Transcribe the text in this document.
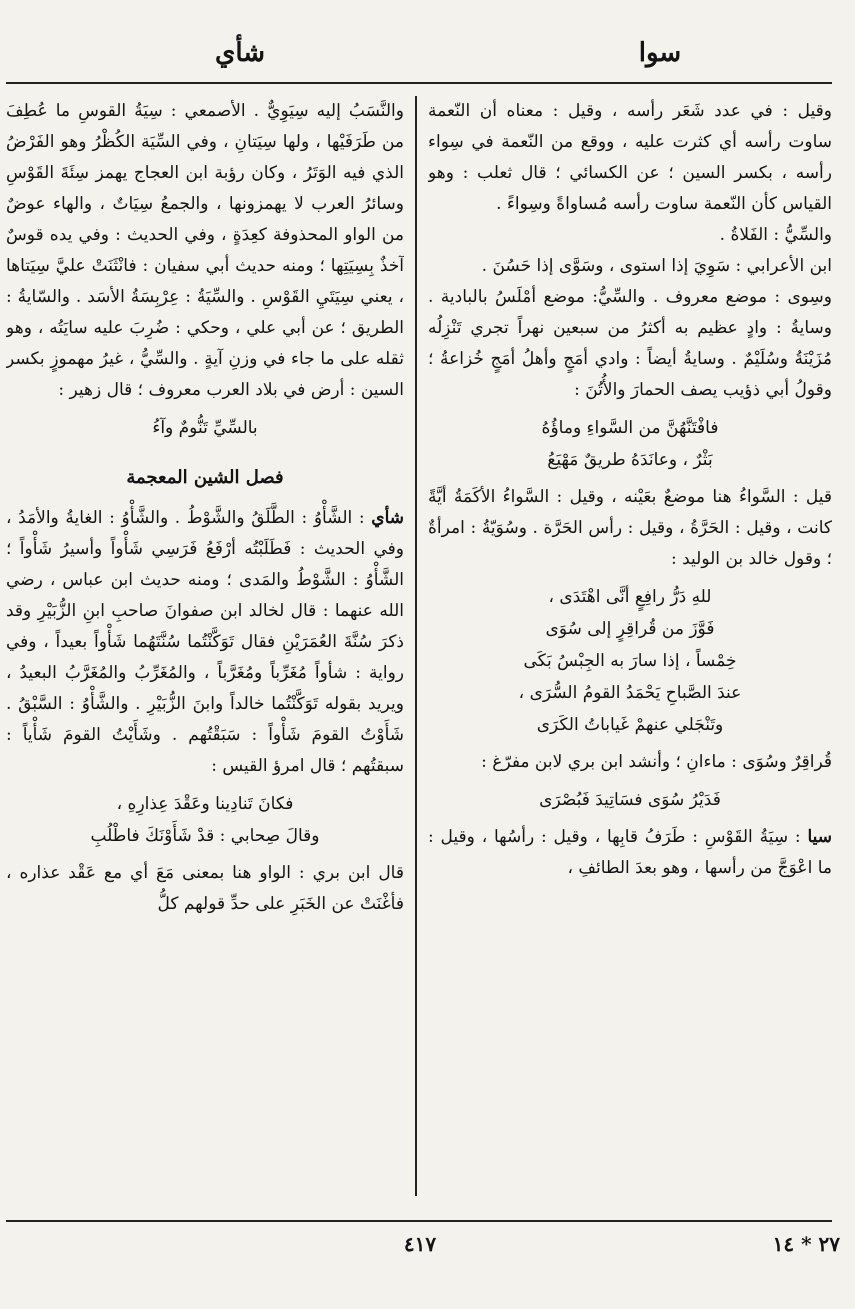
سوا
شأي

وقيل : في عدد شَعَر رأسه ، وقيل : معناه أن النّعمة ساوت رأسه أي كثرت عليه ، ووقع من النّعمة في سِواء رأسه ، بكسر السين ؛ عن الكسائي ؛ قال ثعلب : وهو القياس كأن النّعمة ساوت رأسه مُساواةً وسِواءً .

والسِّيُّ : الفَلاةُ .

ابن الأعرابي : سَوِيَ إذا استوى ، وسَوَّى إذا حَسُنَ .

وسِوى : موضع معروف . والسِّيُّ: موضع أمْلَسُ بالبادية . وسايةُ : وادٍ عظيم به أكثرُ من سبعين نهراً تجري تَنْزِلُه مُزَيْنَةُ وسُلَيْمٌ . وسايةُ أيضاً : وادي أمَجٍ وأهلُ أمَجٍ خُزاعةُ ؛ وقولُ أبي ذؤيب يصف الحمارَ والأُتُنَ :

فافْتَنَّهُنَّ من السَّواءِ وماؤُهُ
بَثْرٌ ، وعانَدَهُ طريقٌ مَهْيَعُ

قيل : السَّواءُ هنا موضعٌ بعَيْنه ، وقيل : السَّواءُ الأكَمَةُ أيَّةً كانت ، وقيل : الحَرَّةُ ، وقيل : رأس الحَرَّة . وسُوَيّةُ : امرأةٌ ؛ وقول خالد بن الوليد :

للهِ دَرُّ رافِعٍ أنَّى اهْتَدَى ،
فَوَّزَ من قُراقِرٍ إلى سُوَى
خِمْساً ، إذا سارَ به الجِبْسُ بَكَى
عندَ الصَّباحِ يَحْمَدُ القومُ السُّرَى ،
وتَنْجَلي عنهمْ غَياباتُ الكَرَى

قُراقِرٌ وسُوَى : ماءانِ ؛ وأنشد ابن بري لابن مفرّغ :

فَدَيْرُ سُوَى فسَاتِيدَ فَبُصْرَى

سيا : سِيَةُ القَوْسِ : طَرَفُ قابِها ، وقيل : رأسُها ، وقيل : ما اعْوَجَّ من رأسها ، وهو بعدَ الطائفِ ،

والنَّسَبُ إليه سِيَوِيٌّ . الأصمعي : سِيَةُ القوسِ ما عُطِفَ من طَرَفَيْها ، ولها سِيَتانِ ، وفي السِّيَة الكُظْرُ وهو الفَرْضُ الذي فيه الوَتَرُ ، وكان رؤبة ابن العجاج يهمز سِئَةَ القَوْسِ وسائرُ العرب لا يهمزونها ، والجمعُ سِيَاتٌ ، والهاء عوضٌ من الواو المحذوفة كعِدَةٍ ، وفي الحديث : وفي يده قوسٌ آخذٌ بِسِيَتِها ؛ ومنه حديث أبي سفيان : فانْثَنَتْ عليَّ سِيَتاها ، يعني سِيَتَيِ القَوْسِ . والسِّيَةُ : عِرْبِسَةُ الأسَد . والسّايةُ : الطريق ؛ عن أبي علي ، وحكي : ضُرِبَ عليه سايَتُه ، وهو ثقله على ما جاء في وزنِ آيةٍ . والسِّيُّ ، غيرُ مهموزٍ بكسر السين : أرض في بلاد العرب معروف ؛ قال زهير :

بالسِّيِّ تَنُّومٌ وآءُ
فصل الشين المعجمة

شأي : الشَّأْوُ : الطَّلَقُ والشَّوْطُ . والشَّأْوُ : الغايةُ والأمَدُ ، وفي الحديث : فَطَلَبْتُه أرْفَعُ فَرَسِي شَأْواً وأسيرُ شَأْواً ؛ الشَّأْوُ : الشَّوْطُ والمَدى ؛ ومنه حديث ابن عباس ، رضي الله عنهما : قال لخالد ابن صفوانَ صاحبِ ابنِ الزُّبَيْرِ وقد ذكرَ سُنَّةَ العُمَرَيْنِ فقال تَوَكَّنْتُما سُنَّتَهُما شَأْواً بعيداً ، وفي رواية : شأواً مُغَرِّباً ومُغَرَّباً ، والمُغَرِّبُ والمُغَرَّبُ البعيدُ ، ويريد بقوله تَوَكَّنْتُما خالداً وابنَ الزُّبَيْرِ . والشَّأْوُ : السَّبْقُ . شَأَوْتُ القومَ شَأْواً : سَبَقْتُهم . وشَأَيْتُ القومَ شَأْياً : سبقتُهم ؛ قال امرؤ القيس :

فكانَ تَنادِينا وعَقْدَ عِذارِهِ ،
وقالَ صِحابي : قدْ شَأَوْنَكَ فاطْلُبِ

قال ابن بري : الواو هنا بمعنى مَعَ أي مع عَقْد عذاره ، فأغْنَتْ عن الخَبَرِ على حدِّ قولهم كلُّ

٤١٧	٢٧ * ١٤
